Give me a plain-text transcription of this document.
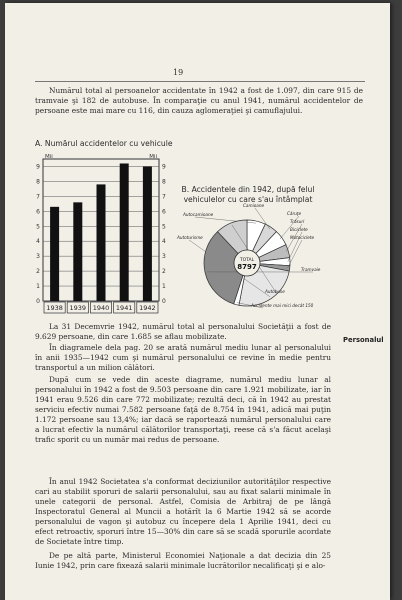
19

Numărul total al persoanelor accidentate în 1942 a fost de 1.097, din care 915 de tramvaie şi 182 de autobuse. În comparaţie cu anul 1941, numărul accidentelor de persoane este mai mare cu 116, din cauza aglomeraţiei şi camuflajului.

A. Numărul accidentelor cu vehicule
Mii	Mii
0	0
1	1
2	2
3	3
4	4
5	5
6	6
7	7
8	8
9	9
1938 1939 1940 1941 1942
B. Accidentele din 1942, după felul vehiculelor cu care s'au întâmplat
Autocamioane
Camioane
Căruţe
Trăsuri
Biciclete
Motociclete
Autoturisme
Accidente mai mici decât 150
Tramvaie
Autobuse
TOTAL
8797
Personalul

La 31 Decemvrie 1942, numărul total al personalului Societăţii a fost de 9.629 persoane, din care 1.685 se aflau mobilizate.

În diagramele dela pag. 20 se arată numărul mediu lunar al personalului în anii 1935—1942 cum şi numărul personalului ce revine în medie pentru transportul a un milion călători.

După cum se vede din aceste diagrame, numărul mediu lunar al personalului în 1942 a fost de 9.503 persoane din care 1.921 mobilizate, iar în 1941 erau 9.526 din care 772 mobilizate; rezultă deci, că în 1942 au prestat serviciu efectiv numai 7.582 persoane faţă de 8.754 în 1941, adică mai puţin 1.172 persoane sau 13,4%; iar dacă se raportează numărul personalului care a lucrat efectiv la numărul călătorilor transportaţi, reese că s'a făcut acelaşi trafic sporit cu un număr mai redus de persoane.

În anul 1942 Societatea s'a conformat deciziunilor autorităţilor respective cari au stabilit sporuri de salarii personalului, sau au fixat salarii minimale în unele categorii de personal. Astfel, Comisia de Arbitraj de pe lângă Inspectoratul General al Muncii a hotărît la 6 Martie 1942 să se acorde personalului de vagon şi autobuz cu începere dela 1 Aprilie 1941, deci cu efect retroactiv, sporuri între 15—30% din care să se scadă sporurile acordate de Societate între timp.

De pe altă parte, Ministerul Economiei Naţionale a dat decizia din 25 Iunie 1942, prin care fixează salarii minimale lucrătorilor necalificaţi şi e alo-
